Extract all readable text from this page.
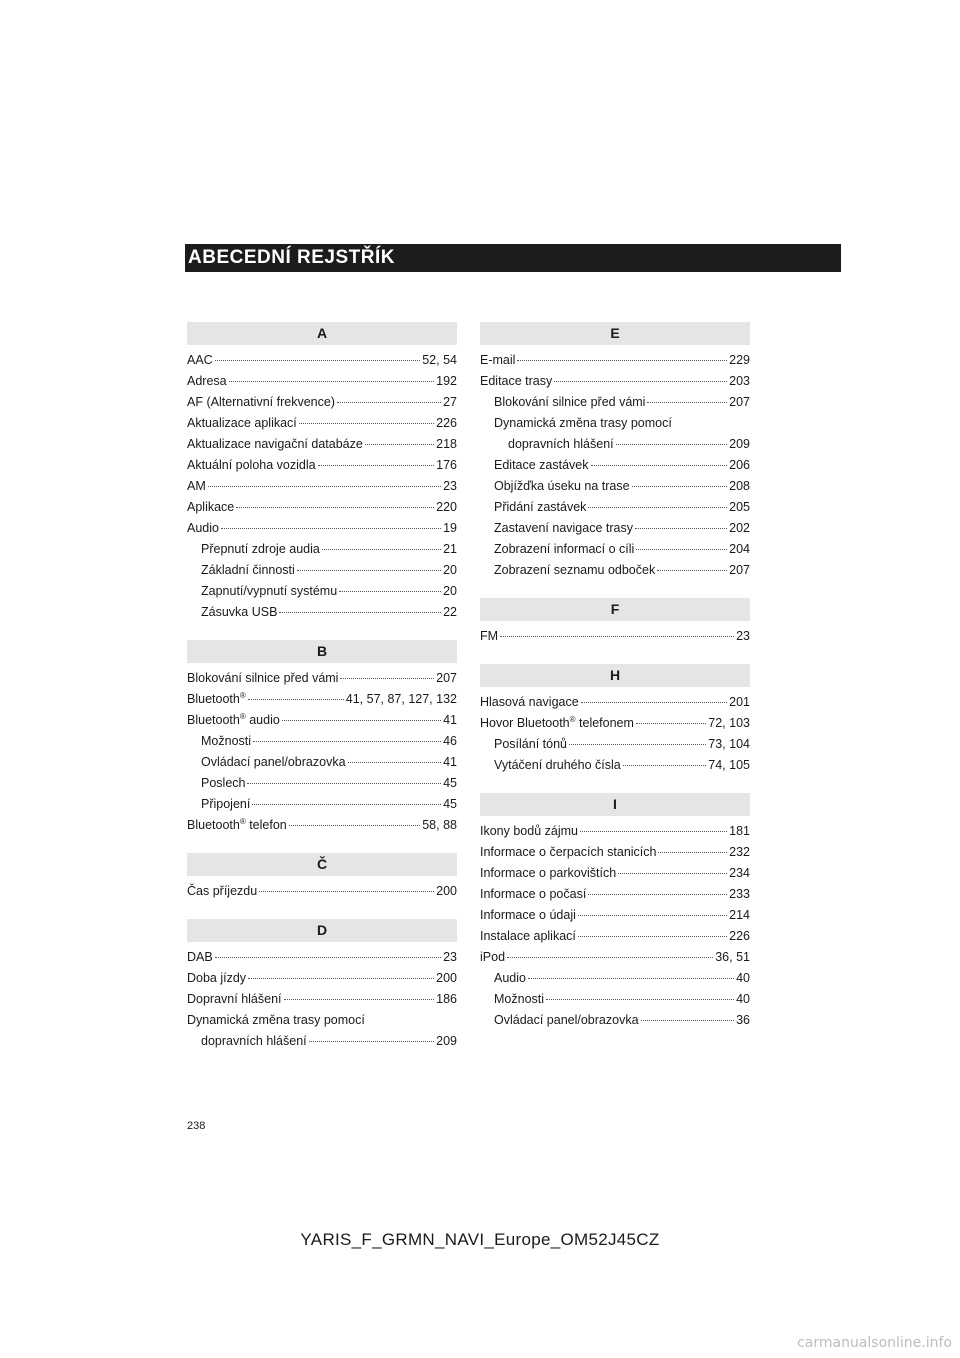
ABECEDNÍ REJSTŘÍK
A
AAC	52, 54
Adresa	192
AF (Alternativní frekvence)	27
Aktualizace aplikací	226
Aktualizace navigační databáze	218
Aktuální poloha vozidla	176
AM	23
Aplikace	220
Audio	19
Přepnutí zdroje audia	21
Základní činnosti	20
Zapnutí/vypnutí systému	20
Zásuvka USB	22
B
Blokování silnice před vámi	207
Bluetooth®	41, 57, 87, 127, 132
Bluetooth® audio	41
Možnosti	46
Ovládací panel/obrazovka	41
Poslech	45
Připojení	45
Bluetooth® telefon	58, 88
Č
Čas příjezdu	200
D
DAB	23
Doba jízdy	200
Dopravní hlášení	186
Dynamická změna trasy pomocí
dopravních hlášení	209
E
E-mail	229
Editace trasy	203
Blokování silnice před vámi	207
Dynamická změna trasy pomocí
dopravních hlášení	209
Editace zastávek	206
Objížďka úseku na trase	208
Přidání zastávek	205
Zastavení navigace trasy	202
Zobrazení informací o cíli	204
Zobrazení seznamu odboček	207
F
FM	23
H
Hlasová navigace	201
Hovor Bluetooth® telefonem	72, 103
Posílání tónů	73, 104
Vytáčení druhého čísla	74, 105
I
Ikony bodů zájmu	181
Informace o čerpacích stanicích	232
Informace o parkovištích	234
Informace o počasí	233
Informace o údaji	214
Instalace aplikací	226
iPod	36, 51
Audio	40
Možnosti	40
Ovládací panel/obrazovka	36
238
YARIS_F_GRMN_NAVI_Europe_OM52J45CZ
carmanualsonline.info
